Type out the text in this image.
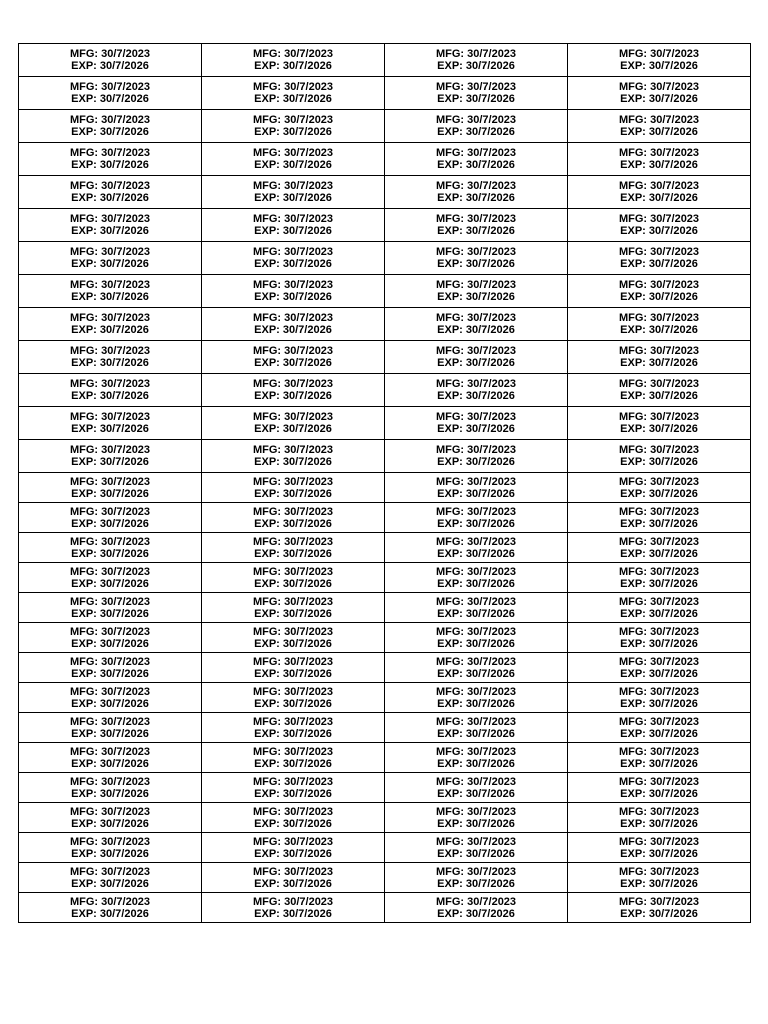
MFG: 30/7/2023
EXP: 30/7/2026	MFG: 30/7/2023
EXP: 30/7/2026	MFG: 30/7/2023
EXP: 30/7/2026	MFG: 30/7/2023
EXP: 30/7/2026

MFG: 30/7/2023
EXP: 30/7/2026	MFG: 30/7/2023
EXP: 30/7/2026	MFG: 30/7/2023
EXP: 30/7/2026	MFG: 30/7/2023
EXP: 30/7/2026

MFG: 30/7/2023
EXP: 30/7/2026	MFG: 30/7/2023
EXP: 30/7/2026	MFG: 30/7/2023
EXP: 30/7/2026	MFG: 30/7/2023
EXP: 30/7/2026

MFG: 30/7/2023
EXP: 30/7/2026	MFG: 30/7/2023
EXP: 30/7/2026	MFG: 30/7/2023
EXP: 30/7/2026	MFG: 30/7/2023
EXP: 30/7/2026

MFG: 30/7/2023
EXP: 30/7/2026	MFG: 30/7/2023
EXP: 30/7/2026	MFG: 30/7/2023
EXP: 30/7/2026	MFG: 30/7/2023
EXP: 30/7/2026

MFG: 30/7/2023
EXP: 30/7/2026	MFG: 30/7/2023
EXP: 30/7/2026	MFG: 30/7/2023
EXP: 30/7/2026	MFG: 30/7/2023
EXP: 30/7/2026

MFG: 30/7/2023
EXP: 30/7/2026	MFG: 30/7/2023
EXP: 30/7/2026	MFG: 30/7/2023
EXP: 30/7/2026	MFG: 30/7/2023
EXP: 30/7/2026

MFG: 30/7/2023
EXP: 30/7/2026	MFG: 30/7/2023
EXP: 30/7/2026	MFG: 30/7/2023
EXP: 30/7/2026	MFG: 30/7/2023
EXP: 30/7/2026

MFG: 30/7/2023
EXP: 30/7/2026	MFG: 30/7/2023
EXP: 30/7/2026	MFG: 30/7/2023
EXP: 30/7/2026	MFG: 30/7/2023
EXP: 30/7/2026

MFG: 30/7/2023
EXP: 30/7/2026	MFG: 30/7/2023
EXP: 30/7/2026	MFG: 30/7/2023
EXP: 30/7/2026	MFG: 30/7/2023
EXP: 30/7/2026

MFG: 30/7/2023
EXP: 30/7/2026	MFG: 30/7/2023
EXP: 30/7/2026	MFG: 30/7/2023
EXP: 30/7/2026	MFG: 30/7/2023
EXP: 30/7/2026

MFG: 30/7/2023
EXP: 30/7/2026	MFG: 30/7/2023
EXP: 30/7/2026	MFG: 30/7/2023
EXP: 30/7/2026	MFG: 30/7/2023
EXP: 30/7/2026

MFG: 30/7/2023
EXP: 30/7/2026	MFG: 30/7/2023
EXP: 30/7/2026	MFG: 30/7/2023
EXP: 30/7/2026	MFG: 30/7/2023
EXP: 30/7/2026

MFG: 30/7/2023
EXP: 30/7/2026	MFG: 30/7/2023
EXP: 30/7/2026	MFG: 30/7/2023
EXP: 30/7/2026	MFG: 30/7/2023
EXP: 30/7/2026

MFG: 30/7/2023
EXP: 30/7/2026	MFG: 30/7/2023
EXP: 30/7/2026	MFG: 30/7/2023
EXP: 30/7/2026	MFG: 30/7/2023
EXP: 30/7/2026

MFG: 30/7/2023
EXP: 30/7/2026	MFG: 30/7/2023
EXP: 30/7/2026	MFG: 30/7/2023
EXP: 30/7/2026	MFG: 30/7/2023
EXP: 30/7/2026

MFG: 30/7/2023
EXP: 30/7/2026	MFG: 30/7/2023
EXP: 30/7/2026	MFG: 30/7/2023
EXP: 30/7/2026	MFG: 30/7/2023
EXP: 30/7/2026

MFG: 30/7/2023
EXP: 30/7/2026	MFG: 30/7/2023
EXP: 30/7/2026	MFG: 30/7/2023
EXP: 30/7/2026	MFG: 30/7/2023
EXP: 30/7/2026

MFG: 30/7/2023
EXP: 30/7/2026	MFG: 30/7/2023
EXP: 30/7/2026	MFG: 30/7/2023
EXP: 30/7/2026	MFG: 30/7/2023
EXP: 30/7/2026

MFG: 30/7/2023
EXP: 30/7/2026	MFG: 30/7/2023
EXP: 30/7/2026	MFG: 30/7/2023
EXP: 30/7/2026	MFG: 30/7/2023
EXP: 30/7/2026

MFG: 30/7/2023
EXP: 30/7/2026	MFG: 30/7/2023
EXP: 30/7/2026	MFG: 30/7/2023
EXP: 30/7/2026	MFG: 30/7/2023
EXP: 30/7/2026

MFG: 30/7/2023
EXP: 30/7/2026	MFG: 30/7/2023
EXP: 30/7/2026	MFG: 30/7/2023
EXP: 30/7/2026	MFG: 30/7/2023
EXP: 30/7/2026

MFG: 30/7/2023
EXP: 30/7/2026	MFG: 30/7/2023
EXP: 30/7/2026	MFG: 30/7/2023
EXP: 30/7/2026	MFG: 30/7/2023
EXP: 30/7/2026

MFG: 30/7/2023
EXP: 30/7/2026	MFG: 30/7/2023
EXP: 30/7/2026	MFG: 30/7/2023
EXP: 30/7/2026	MFG: 30/7/2023
EXP: 30/7/2026

MFG: 30/7/2023
EXP: 30/7/2026	MFG: 30/7/2023
EXP: 30/7/2026	MFG: 30/7/2023
EXP: 30/7/2026	MFG: 30/7/2023
EXP: 30/7/2026

MFG: 30/7/2023
EXP: 30/7/2026	MFG: 30/7/2023
EXP: 30/7/2026	MFG: 30/7/2023
EXP: 30/7/2026	MFG: 30/7/2023
EXP: 30/7/2026

MFG: 30/7/2023
EXP: 30/7/2026	MFG: 30/7/2023
EXP: 30/7/2026	MFG: 30/7/2023
EXP: 30/7/2026	MFG: 30/7/2023
EXP: 30/7/2026

MFG: 30/7/2023
EXP: 30/7/2026	MFG: 30/7/2023
EXP: 30/7/2026	MFG: 30/7/2023
EXP: 30/7/2026	MFG: 30/7/2023
EXP: 30/7/2026
